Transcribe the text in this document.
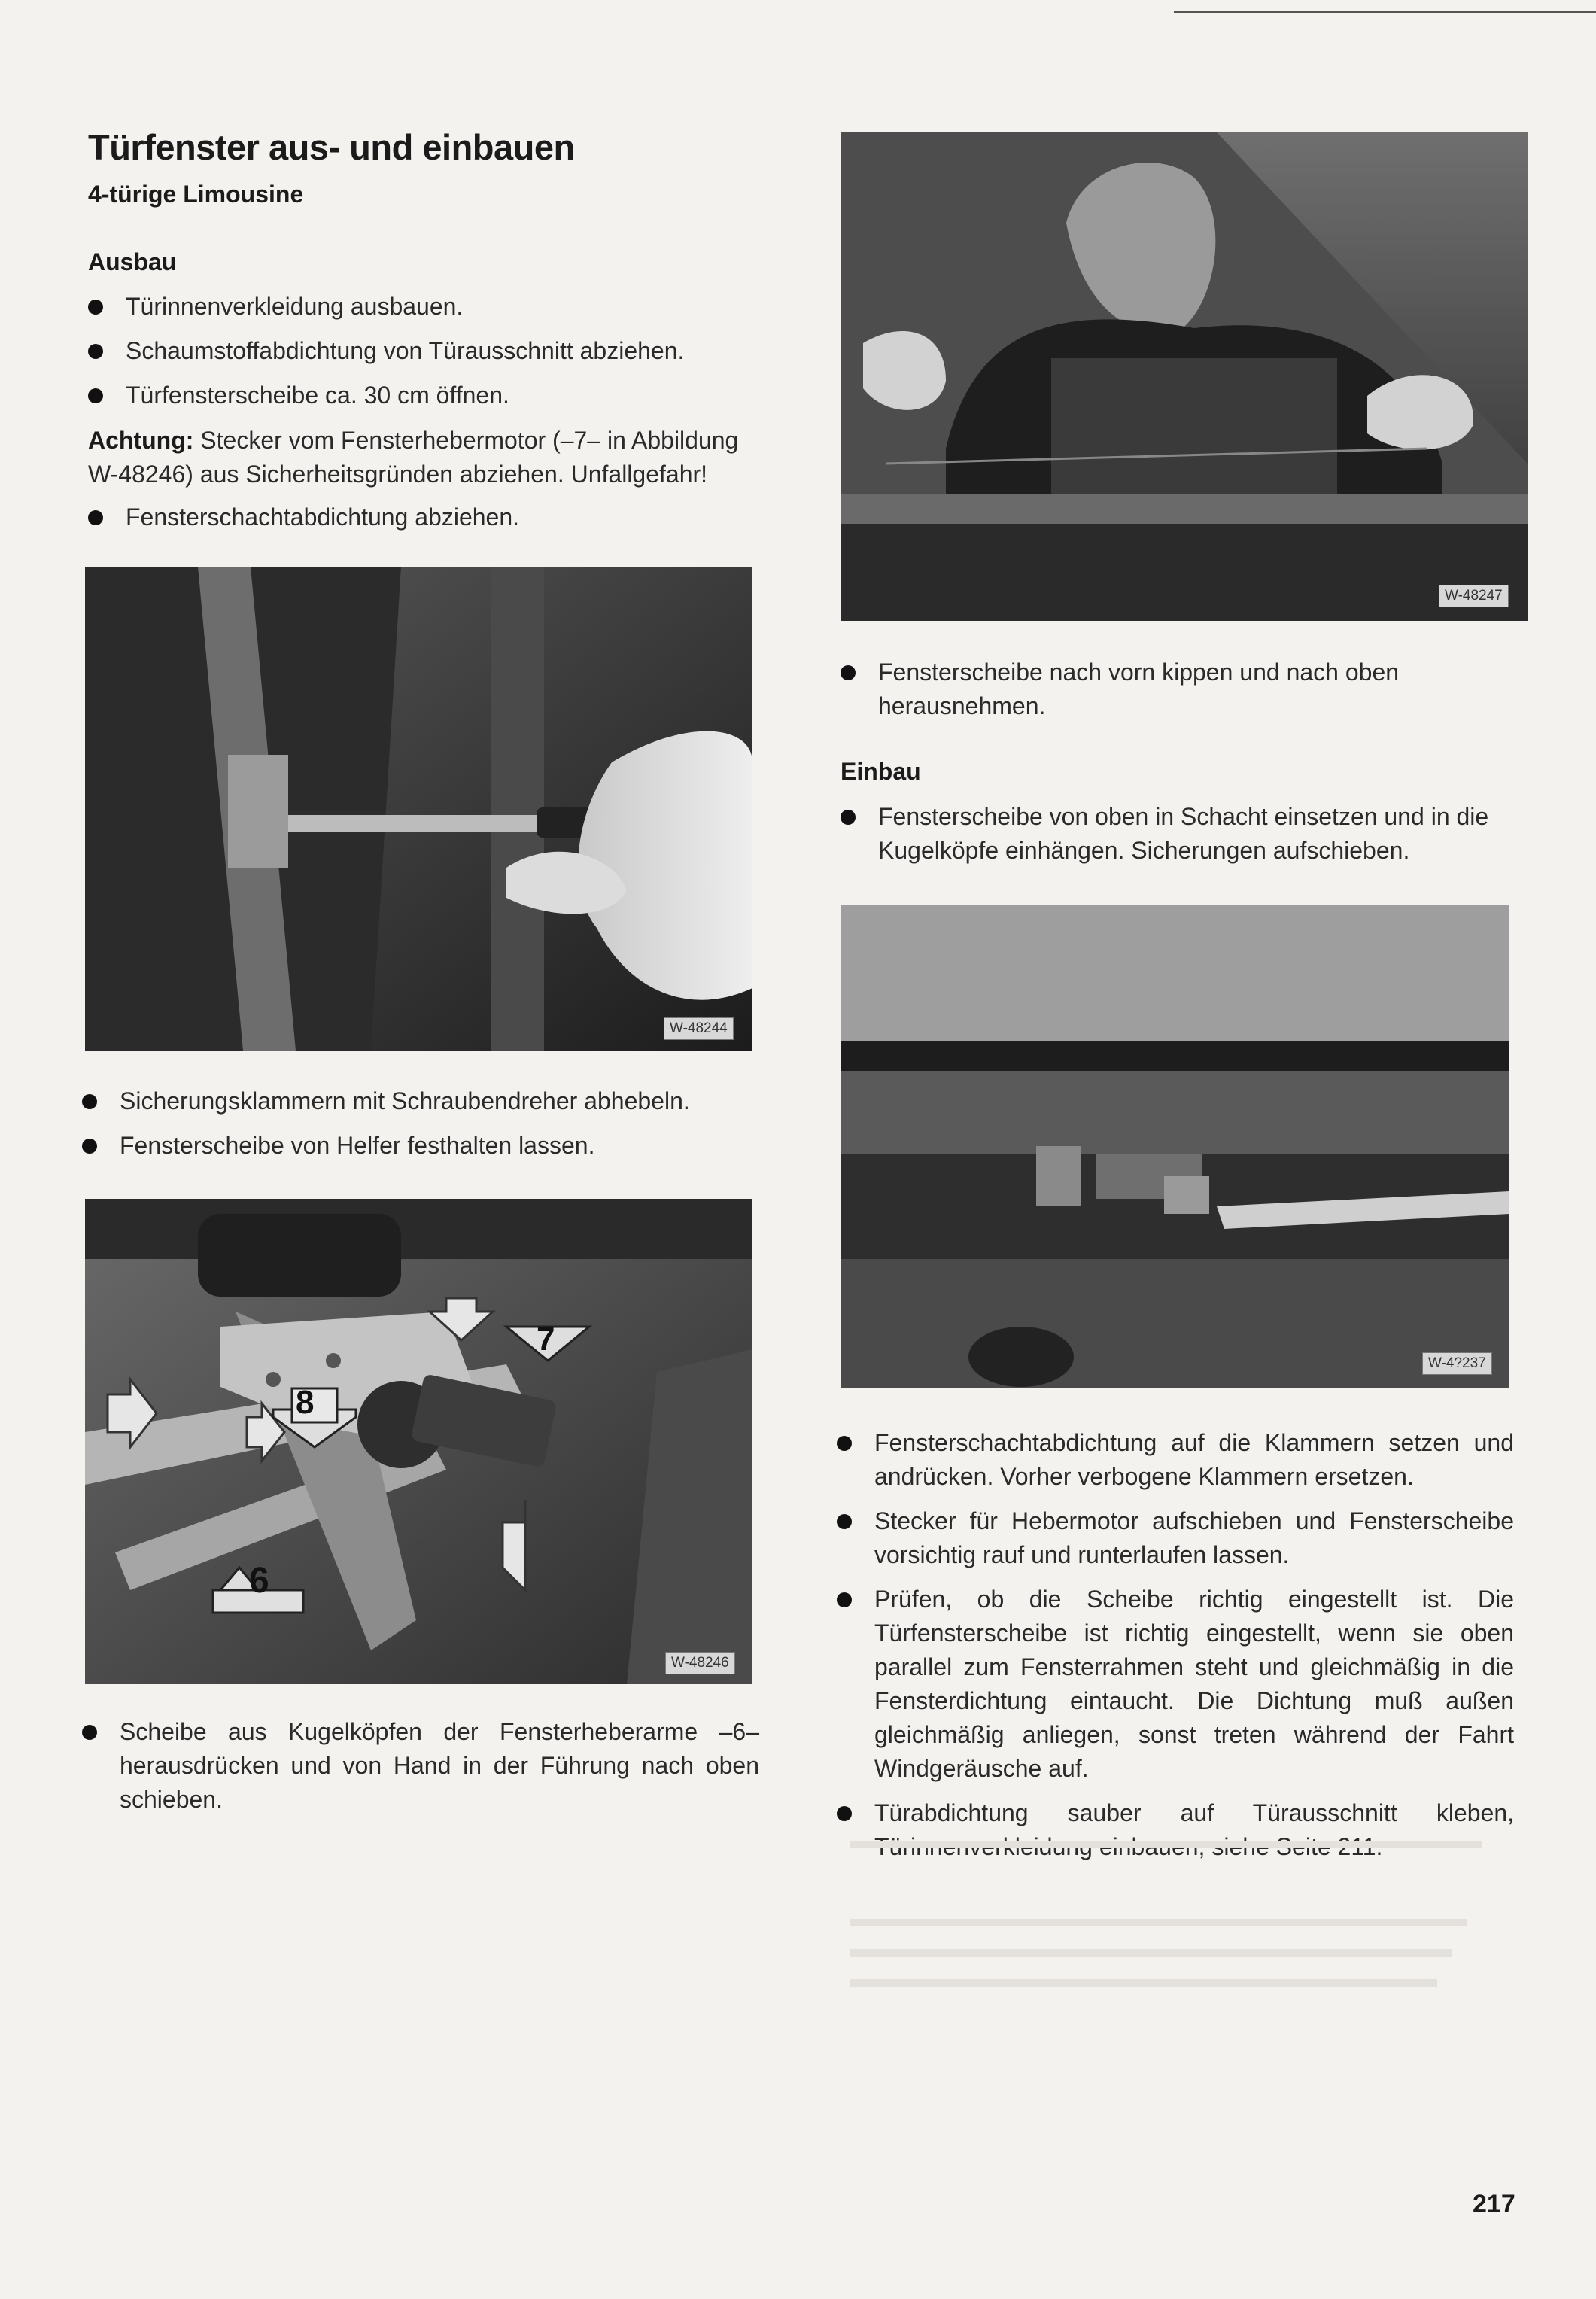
Türfenster aus- und einbauen
4-türige Limousine
Ausbau
Türinnenverkleidung ausbauen.
Schaumstoffabdichtung von Türausschnitt abziehen.
Türfensterscheibe ca. 30 cm öffnen.
Achtung: Stecker vom Fensterhebermotor (–7– in Abbildung W-48246) aus Sicherheitsgründen abziehen. Unfallgefahr!
Fensterschachtabdichtung abziehen.
W-48244
Sicherungsklammern mit Schraubendreher abhebeln.
Fensterscheibe von Helfer festhalten lassen.
8
7
6
W-48246
Scheibe aus Kugelköpfen der Fensterheberarme –6– herausdrücken und von Hand in der Führung nach oben schieben.
W-48247
Fensterscheibe nach vorn kippen und nach oben herausnehmen.
Einbau
Fensterscheibe von oben in Schacht einsetzen und in die Kugelköpfe einhängen. Sicherungen aufschieben.
W-4?237
Fensterschachtabdichtung auf die Klammern setzen und andrücken. Vorher verbogene Klammern ersetzen.
Stecker für Hebermotor aufschieben und Fensterscheibe vorsichtig rauf und runterlaufen lassen.
Prüfen, ob die Scheibe richtig eingestellt ist. Die Türfensterscheibe ist richtig eingestellt, wenn sie oben parallel zum Fensterrahmen steht und gleichmäßig in die Fensterdichtung eintaucht. Die Dichtung muß außen gleichmäßig anliegen, sonst treten während der Fahrt Windgeräusche auf.
Türabdichtung sauber auf Türausschnitt kleben,
217
